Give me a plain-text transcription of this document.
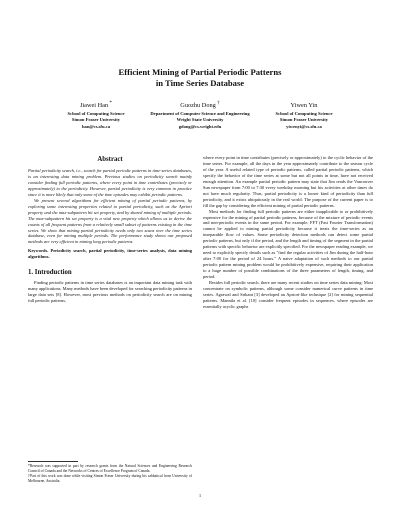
Efficient Mining of Partial Periodic Patterns
in Time Series Database
Jiawei Han *
School of Computing Science
Simon Fraser University
han@cs.sfu.ca
Guozhu Dong †
Department of Computer Science and Engineering
Wright State University
gdong@cs.wright.edu
Yiwen Yin
School of Computing Science
Simon Fraser University
yiwenyi@cs.sfu.ca
Abstract

Partial periodicity search, i.e., search for partial periodic patterns in time-series databases, is an interesting data mining problem. Previous studies on periodicity search mainly consider finding full periodic patterns, where every point in time contributes (precisely or approximately) to the periodicity. However, partial periodicity is very common in practice since it is more likely that only some of the time episodes may exhibit periodic patterns.

We present several algorithms for efficient mining of partial periodic patterns, by exploring some interesting properties related to partial periodicity, such as the Apriori property and the max-subpattern hit set property, and by shared mining of multiple periods. The max-subpattern hit set property is a vital new property which allows us to derive the counts of all frequent patterns from a relatively small subset of patterns existing in the time series. We show that mining partial periodicity needs only two scans over the time series database, even for mining multiple periods. The performance study shows our proposed methods are very efficient in mining long periodic patterns.

Keywords. Periodicity search, partial periodicity, time-series analysis, data mining algorithms.
1. Introduction

Finding periodic patterns in time series databases is an important data mining task with many applications. Many methods have been developed for searching periodicity patterns in large data sets [8]. However, most previous methods on periodicity search are on mining full periodic patterns,

*Research was supported in part by research grants from the Natural Sciences and Engineering Research Council of Canada and the Networks of Centres of Excellence Program of Canada.

†Part of this work was done while visiting Simon Fraser University during his sabbatical from University of Melbourne, Australia.

where every point in time contributes (precisely or approximately) to the cyclic behavior of the time series. For example, all the days in the year approximately contribute to the season cycle of the year. A useful related type of periodic patterns, called partial periodic patterns, which specify the behavior of the time series at some but not all points in time, have not received enough attention. An example partial periodic pattern may state that Jim reads the Vancouver Sun newspaper from 7:00 to 7:30 every weekday morning but his activities at other times do not have much regularity. Thus, partial periodicity is a looser kind of periodicity than full periodicity, and it exists ubiquitously in the real world. The purpose of the current paper is to fill the gap by considering the efficient mining of partial periodic patterns.

Most methods for finding full periodic patterns are either inapplicable to or prohibitively expensive for the mining of partial periodic patterns, because of the mixture of periodic events and non-periodic events in the same period. For example, FFT (Fast Fourier Transformation) cannot be applied to mining partial periodicity because it treats the time-series as an inseparable flow of values. Some periodicity detection methods can detect some partial periodic patterns, but only if the period, and the length and timing of the segment in the partial patterns with specific behavior are explicitly specified. For the newspaper reading example, we need to explicitly specify details such as "find the regular activities of Jim during the half-hour after 7:00 for the period of 24 hours." A naive adaptation of such methods to our partial periodic pattern mining problem would be prohibitively expensive, requiring their application to a huge number of possible combinations of the three parameters of length, timing, and period.

Besides full periodic search, there are many recent studies on time series data mining: Most concentrate on symbolic patterns, although some consider numerical curve patterns in time series. Agrawal and Srikant [3] developed an Apriori-like technique [2] for mining sequential patterns. Mannila et al. [10] consider frequent episodes in sequences, where episodes are essentially acyclic graphs

1
